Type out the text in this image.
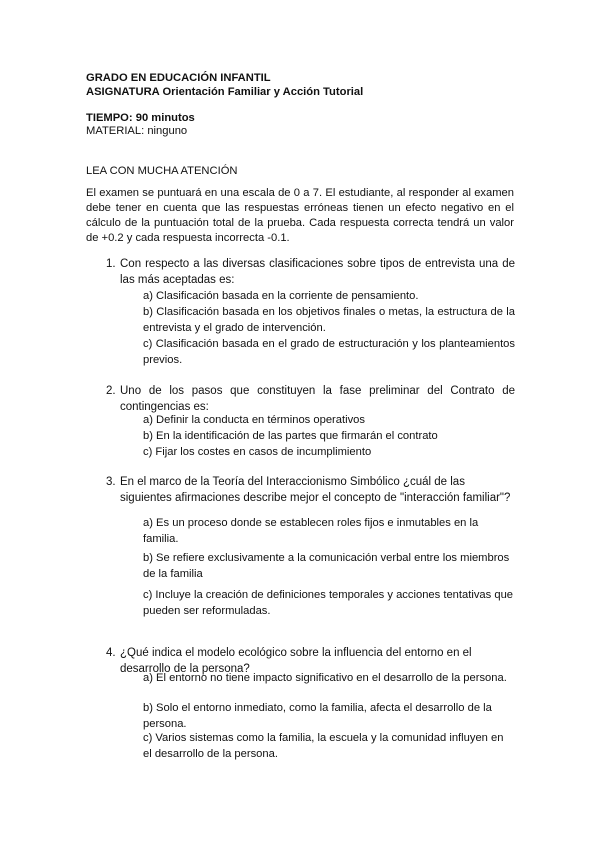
GRADO EN EDUCACIÓN INFANTIL
ASIGNATURA Orientación Familiar y Acción Tutorial
TIEMPO: 90 minutos
MATERIAL: ninguno
LEA CON MUCHA ATENCIÓN
El examen se puntuará en una escala de 0 a 7. El estudiante, al responder al examen debe tener en cuenta que las respuestas erróneas tienen un efecto negativo en el cálculo de la puntuación total de la prueba. Cada respuesta correcta tendrá un valor de +0.2 y cada respuesta incorrecta -0.1.
1. Con respecto a las diversas clasificaciones sobre tipos de entrevista una de las más aceptadas es:
a) Clasificación basada en la corriente de pensamiento.
b) Clasificación basada en los objetivos finales o metas, la estructura de la entrevista y el grado de intervención.
c) Clasificación basada en el grado de estructuración y los planteamientos previos.
2. Uno de los pasos que constituyen la fase preliminar del Contrato de contingencias es:
a) Definir la conducta en términos operativos
b) En la identificación de las partes que firmarán el contrato
c) Fijar los costes en casos de incumplimiento
3. En el marco de la Teoría del Interaccionismo Simbólico ¿cuál de las siguientes afirmaciones describe mejor el concepto de "interacción familiar"?
a) Es un proceso donde se establecen roles fijos e inmutables en la familia.
b) Se refiere exclusivamente a la comunicación verbal entre los miembros de la familia
c) Incluye la creación de definiciones temporales y acciones tentativas que pueden ser reformuladas.
4. ¿Qué indica el modelo ecológico sobre la influencia del entorno en el desarrollo de la persona?
a) El entorno no tiene impacto significativo en el desarrollo de la persona.
b) Solo el entorno inmediato, como la familia, afecta el desarrollo de la persona.
c) Varios sistemas como la familia, la escuela y la comunidad influyen en el desarrollo de la persona.
